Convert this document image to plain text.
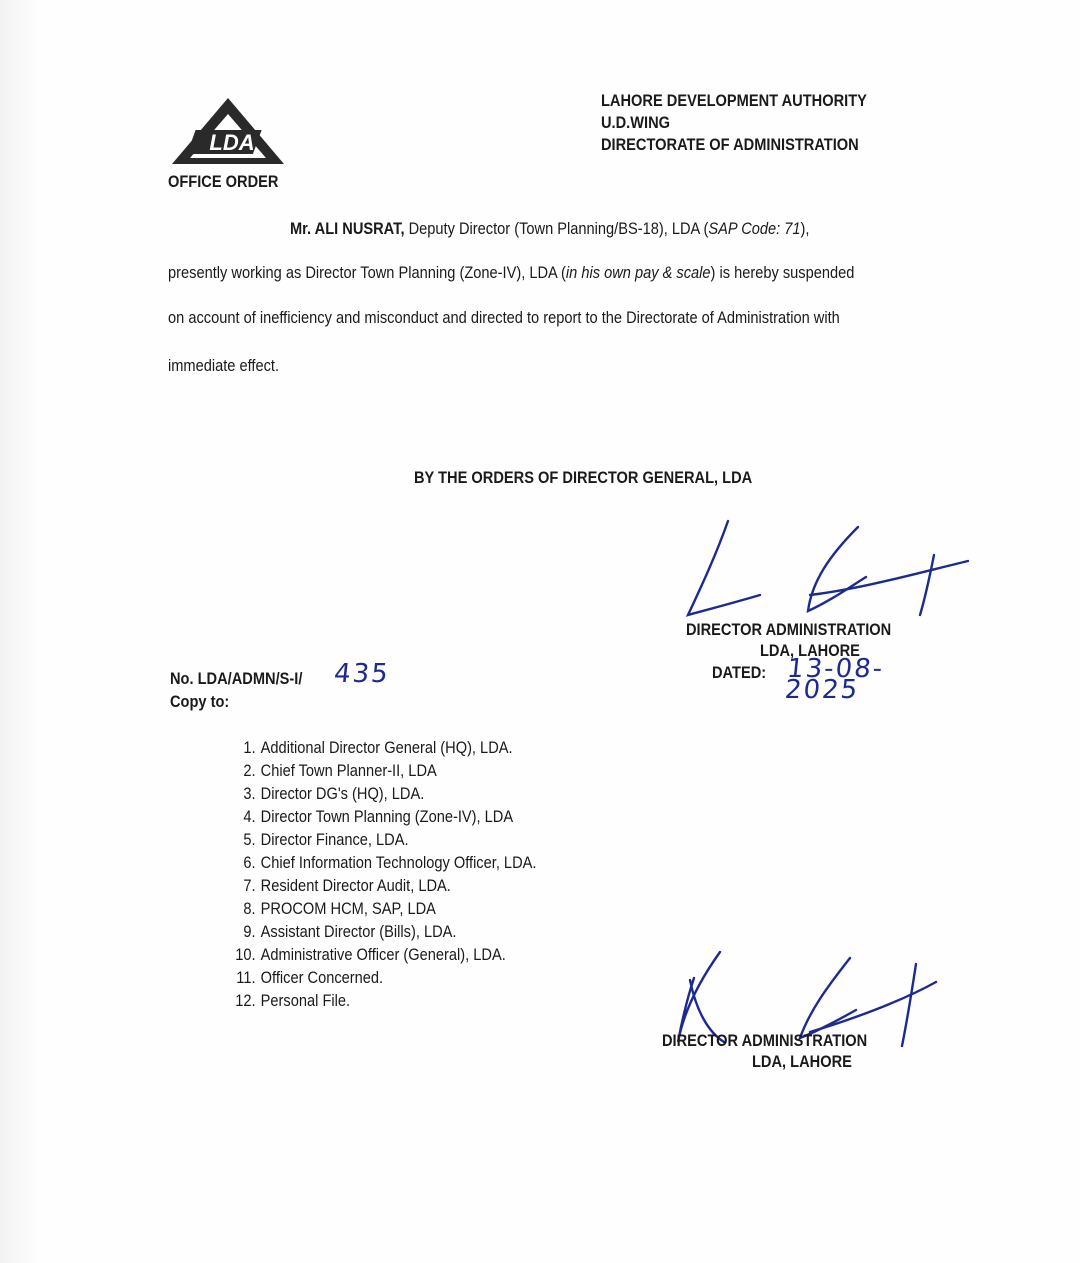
LDA
OFFICE ORDER
LAHORE DEVELOPMENT AUTHORITY
U.D.WING
DIRECTORATE OF ADMINISTRATION
Mr. ALI NUSRAT, Deputy Director (Town Planning/BS-18), LDA (SAP Code: 71),
presently working as Director Town Planning (Zone-IV), LDA (in his own pay & scale) is hereby suspended
on account of inefficiency and misconduct and directed to report to the Directorate of Administration with
immediate effect.
BY THE ORDERS OF DIRECTOR GENERAL, LDA
DIRECTOR ADMINISTRATION
LDA, LAHORE
DATED: 13-08-2025
No. LDA/ADMN/S-I/ 435
Copy to:
1. Additional Director General (HQ), LDA.
2. Chief Town Planner-II, LDA
3. Director DG's (HQ), LDA.
4. Director Town Planning (Zone-IV), LDA
5. Director Finance, LDA.
6. Chief Information Technology Officer, LDA.
7. Resident Director Audit, LDA.
8. PROCOM HCM, SAP, LDA
9. Assistant Director (Bills), LDA.
10. Administrative Officer (General), LDA.
11. Officer Concerned.
12. Personal File.
DIRECTOR ADMINISTRATION
LDA, LAHORE
